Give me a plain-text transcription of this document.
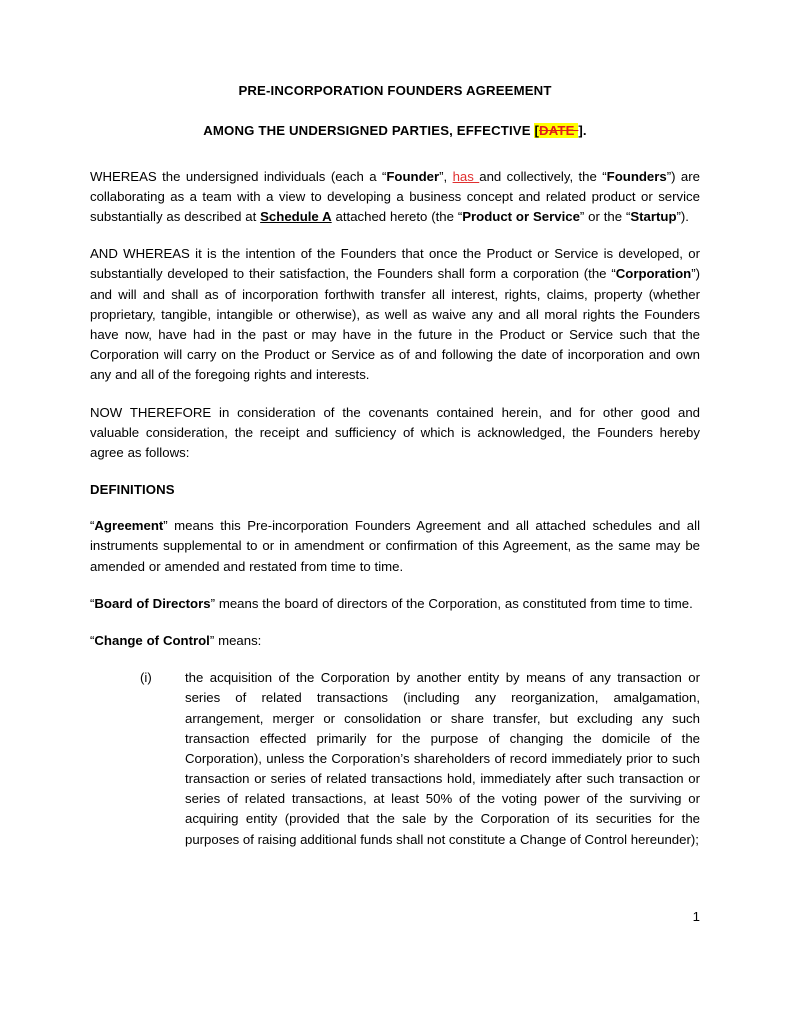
PRE-INCORPORATION FOUNDERS AGREEMENT
AMONG THE UNDERSIGNED PARTIES, EFFECTIVE [DATE ].

WHEREAS the undersigned individuals (each a “Founder”, has and collectively, the “Founders”) are collaborating as a team with a view to developing a business concept and related product or service substantially as described at Schedule A attached hereto (the “Product or Service” or the “Startup”).

AND WHEREAS it is the intention of the Founders that once the Product or Service is developed, or substantially developed to their satisfaction, the Founders shall form a corporation (the “Corporation”) and will and shall as of incorporation forthwith transfer all interest, rights, claims, property (whether proprietary, tangible, intangible or otherwise), as well as waive any and all moral rights the Founders have now, have had in the past or may have in the future in the Product or Service such that the Corporation will carry on the Product or Service as of and following the date of incorporation and own any and all of the foregoing rights and interests.

NOW THEREFORE in consideration of the covenants contained herein, and for other good and valuable consideration, the receipt and sufficiency of which is acknowledged, the Founders hereby agree as follows:

DEFINITIONS

“Agreement” means this Pre-incorporation Founders Agreement and all attached schedules and all instruments supplemental to or in amendment or confirmation of this Agreement, as the same may be amended or amended and restated from time to time.

“Board of Directors” means the board of directors of the Corporation, as constituted from time to time.

“Change of Control” means:

(i)	the acquisition of the Corporation by another entity by means of any transaction or series of related transactions (including any reorganization, amalgamation, arrangement, merger or consolidation or share transfer, but excluding any such transaction effected primarily for the purpose of changing the domicile of the Corporation), unless the Corporation’s shareholders of record immediately prior to such transaction or series of related transactions hold, immediately after such transaction or series of related transactions, at least 50% of the voting power of the surviving or acquiring entity (provided that the sale by the Corporation of its securities for the purposes of raising additional funds shall not constitute a Change of Control hereunder);
1
